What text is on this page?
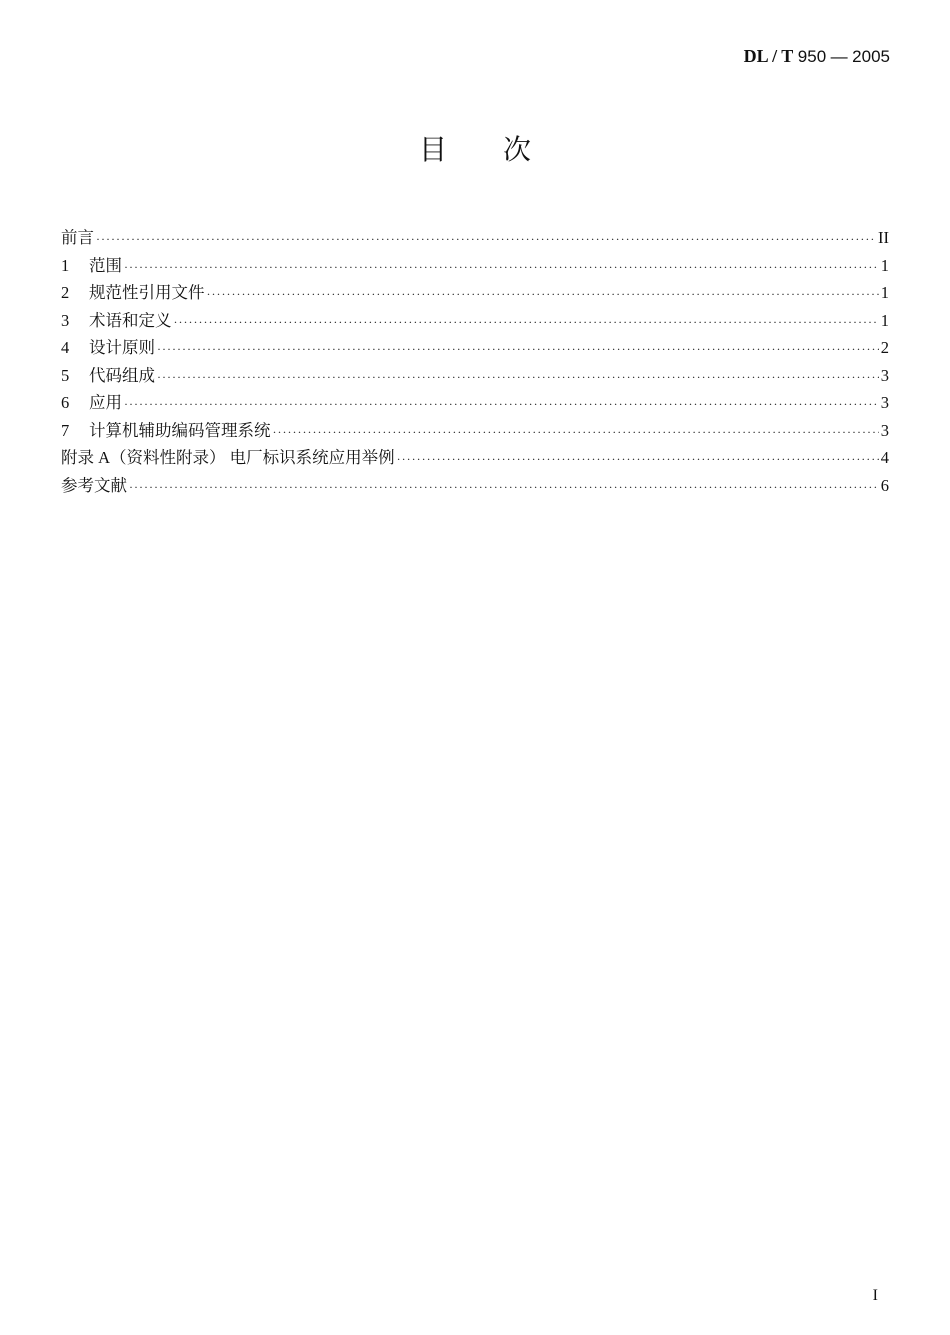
DL / T 950 — 2005
目次
前言 ·····	II
1 范围 ·····	1
2 规范性引用文件 ·····	1
3 术语和定义 ·····	1
4 设计原则 ·····	2
5 代码组成 ·····	3
6 应用 ·····	3
7 计算机辅助编码管理系统 ·····	3
附录 A（资料性附录） 电厂标识系统应用举例 ·····	4
参考文献 ·····	6
I
